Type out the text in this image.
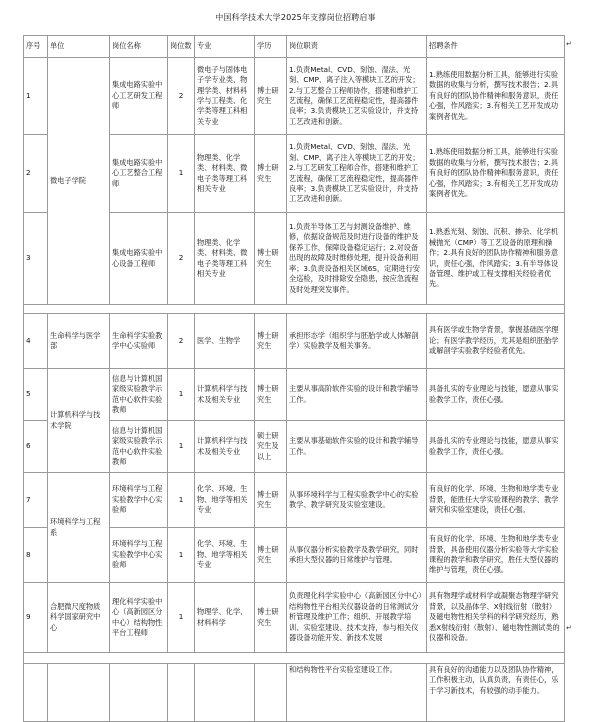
中国科学技术大学2025年支撑岗位招聘启事
序号	单位	岗位名称	岗位数	专业	学历	岗位职责	招聘条件
1	微电子学院	集成电路实验中心工艺研发工程师	2	微电子与固体电子学专业类、物理学类、材料科学与工程类、化学类等理工科相关专业	博士研究生	1.负责Metal、CVD、刻蚀、湿法、光刻、CMP、离子注入等模块工艺的开发；2.与工艺整合工程师协作，搭建和维护工艺流程，确保工艺流程稳定性，提高器件良率；3.负责模块工艺实验设计，并支持工艺改进和创新。	1.熟练使用数据分析工具，能够进行实验数据的收集与分析，撰写技术报告；2.具有良好的团队协作精神和服务意识，责任心强，作风踏实；3.有相关工艺开发成功案例者优先。
2		集成电路实验中心工艺整合工程师	1	物理类、化学类、材料类、微电子类等理工科相关专业	博士研究生	1.负责Metal、CVD、刻蚀、湿法、光刻、CMP、离子注入等模块工艺的开发；2.与工艺研发工程师合作，搭建和维护工艺流程，确保工艺流程稳定性，提高器件良率；3.负责模块工艺实验设计，并支持工艺改进和创新。	1.熟练使用数据分析工具，能够进行实验数据的收集与分析，撰写技术报告；2.具有良好的团队协作精神和服务意识，责任心强，作风踏实；3.有相关工艺开发成功案例者优先。
3		集成电路实验中心设备工程师	2	物理类、化学类、材料类、微电子类等理工科相关专业	博士研究生	1.负责半导体工艺与封测设备维护、维修，依据设备规范及时进行设备的维护及保养工作，保障设备稳定运行；2.对设备出现的故障及时维修处理，提升设备利用率；3.负责设备相关区域6S，定期进行安全巡检，及时排除安全隐患，按应急流程及时处理突发事件。	1.熟悉光刻、刻蚀、沉积、掺杂、化学机械抛光（CMP）等工艺设备的原理和操作；2.具有良好的团队协作精神和服务意识，责任心强，作风踏实；3.有半导体设备管理、维护或工程支撑相关经验者优先。

4	生命科学与医学部	生命科学实验教学中心实验师	2	医学、生物学	博士研究生	承担形态学（组织学与胚胎学或人体解剖学）实验教学及相关事务。	具有医学或生物学背景，掌握基础医学理论；有医学教学经历，尤其是组织胚胎学或解剖学实验教学经验者优先。
5	计算机科学与技术学院	信息与计算机国家级实验教学示范中心软件实验教师	1	计算机科学与技术及相关专业	博士研究生	主要从事高阶软件实验的设计和教学辅导工作。	具备扎实的专业理论与技能，愿意从事实验教学工作，责任心强。
6		信息与计算机国家级实验教学示范中心软件实验教师	1	计算机科学与技术及相关专业	硕士研究生及以上	主要从事基础软件实验的设计和教学辅导工作。	具备扎实的专业理论与技能，愿意从事实验教学工作，责任心强。
7	环境科学与工程系	环境科学与工程实验教学中心实验师	1	化学、环境、生物、地学等相关专业	博士研究生	从事环境科学与工程实验教学中心的实验教学、教学研究及实验室建设。	有良好的化学、环境、生物和地学类专业背景，能胜任大学实验课程的教学、教学研究和实验室建设，责任心强。
8		环境科学与工程实验教学中心实验师	1	化学、环境、生物、地学等相关专业	博士研究生	从事仪器分析实验教学及教学研究，同时承担大型仪器的日常维护与管理。	有良好的化学、环境、生物和地学类专业背景，具备使用仪器分析实验等大学实验课程的教学和教学研究，胜任大型仪器的维护与管理，责任心强。
9	合肥微尺度物质科学国家研究中心	理化科学实验中心（高新园区分中心）结构物性平台工程师	1	物理学、化学、材料科学	博士研究生	负责理化科学实验中心（高新园区分中心）结构物性平台相关仪器设备的日常测试分析管理及维护工作；组织、开展教学培训、实验室建设、技术支持，参与相关仪器设备功能开发、新技术发展	具有物理学或材料学或凝聚态物理学研究背景，以及晶体学、X射线衍射（散射）及磁电物性相关学科的科学研究经历，熟悉X射线衍射（散射）、磁电物性测试类的仪器和设备。

						和结构物性平台实验室建设工作。	具有良好的沟通能力以及团队协作精神，工作积极主动，认真负责，有责任心，乐于学习新技术，有较强的动手能力。
↵
↵
